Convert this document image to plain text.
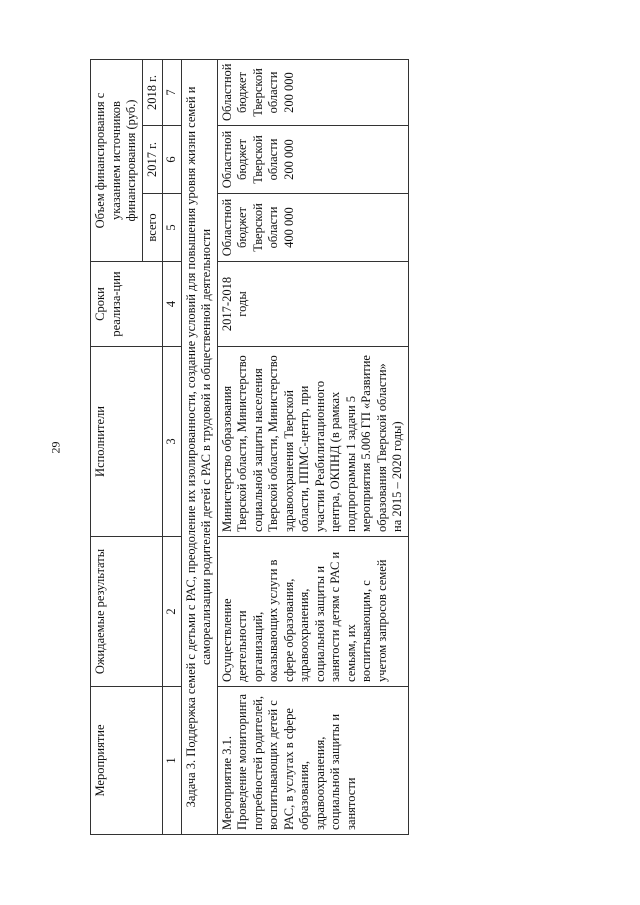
29
Мероприятие	Ожидаемые результаты	Исполнители	Сроки реализа-ции	Объем финансирования с указанием источников финансирования (руб.)		
				всего	2017 г.	2018 г.
1	2	3	4	5	6	7
Задача 3. Поддержка семей с детьми с РАС, преодоление их изолированности, создание условий для повышения уровня жизни семей и самореализации родителей детей с РАС в трудовой и общественной деятельности						
Мероприятие 3.1. Проведение мониторинга потребностей родителей, воспитывающих детей с РАС, в услугах в сфере образования, здравоохранения, социальной защиты и занятости	Осуществление деятельности организаций, оказывающих услуги в сфере образования, здравоохранения, социальной защиты и занятости детям с РАС и семьям, их воспитывающим, с учетом запросов семей	Министерство образования Тверской области, Министерство социальной защиты населения Тверской области, Министерство здравоохранения Тверской области, ППМС-центр, при участии Реабилитационного центра, ОКПНД (в рамках подпрограммы 1 задачи 5 мероприятия 5.006 ГП «Развитие образования Тверской области» на 2015 – 2020 годы)	2017-2018 годы	Областной бюджет Тверской области 400 000	Областной бюджет Тверской области 200 000	Областной бюджет Тверской области 200 000
